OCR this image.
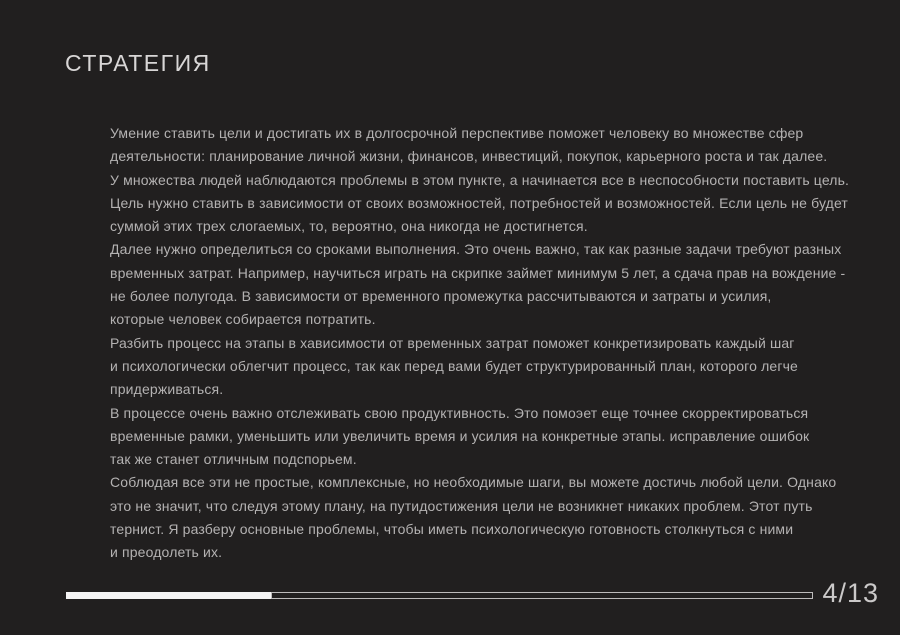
СТРАТЕГИЯ
Умение ставить цели и достигать их в долгосрочной перспективе поможет человеку во множестве сфер
деятельности: планирование личной жизни, финансов, инвестиций, покупок, карьерного роста и так далее.
У множества людей наблюдаются проблемы в этом пункте, а начинается все в неспособности поставить цель.
Цель нужно ставить в зависимости от своих возможностей, потребностей и возможностей. Если цель не будет
суммой этих трех слогаемых, то, вероятно, она никогда не достигнется.
Далее нужно определиться со сроками выполнения. Это очень важно, так как разные задачи требуют разных
временных затрат. Например, научиться играть на скрипке займет минимум 5 лет, а сдача прав на вождение -
не более полугода. В зависимости от временного промежутка рассчитываются и затраты и усилия,
которые человек собирается потратить.
Разбить процесс на этапы в хависимости от временных затрат поможет конкретизировать каждый шаг
и психологически облегчит процесс, так как перед вами будет структурированный план, которого легче
придерживаться.
В процессе очень важно отслеживать свою продуктивность. Это помоэет еще точнее скорректироваться
временные рамки, уменьшить или увеличить время и усилия на конкретные этапы. исправление ошибок
так же станет отличным подспорьем.
Соблюдая все эти не простые, комплексные, но необходимые шаги, вы можете достичь любой цели. Однако
это не значит, что следуя этому плану, на путидостижения цели не возникнет никаких проблем. Этот путь
тернист. Я разберу основные проблемы, чтобы иметь психологическую готовность столкнуться с ними
и преодолеть их.
4/13
